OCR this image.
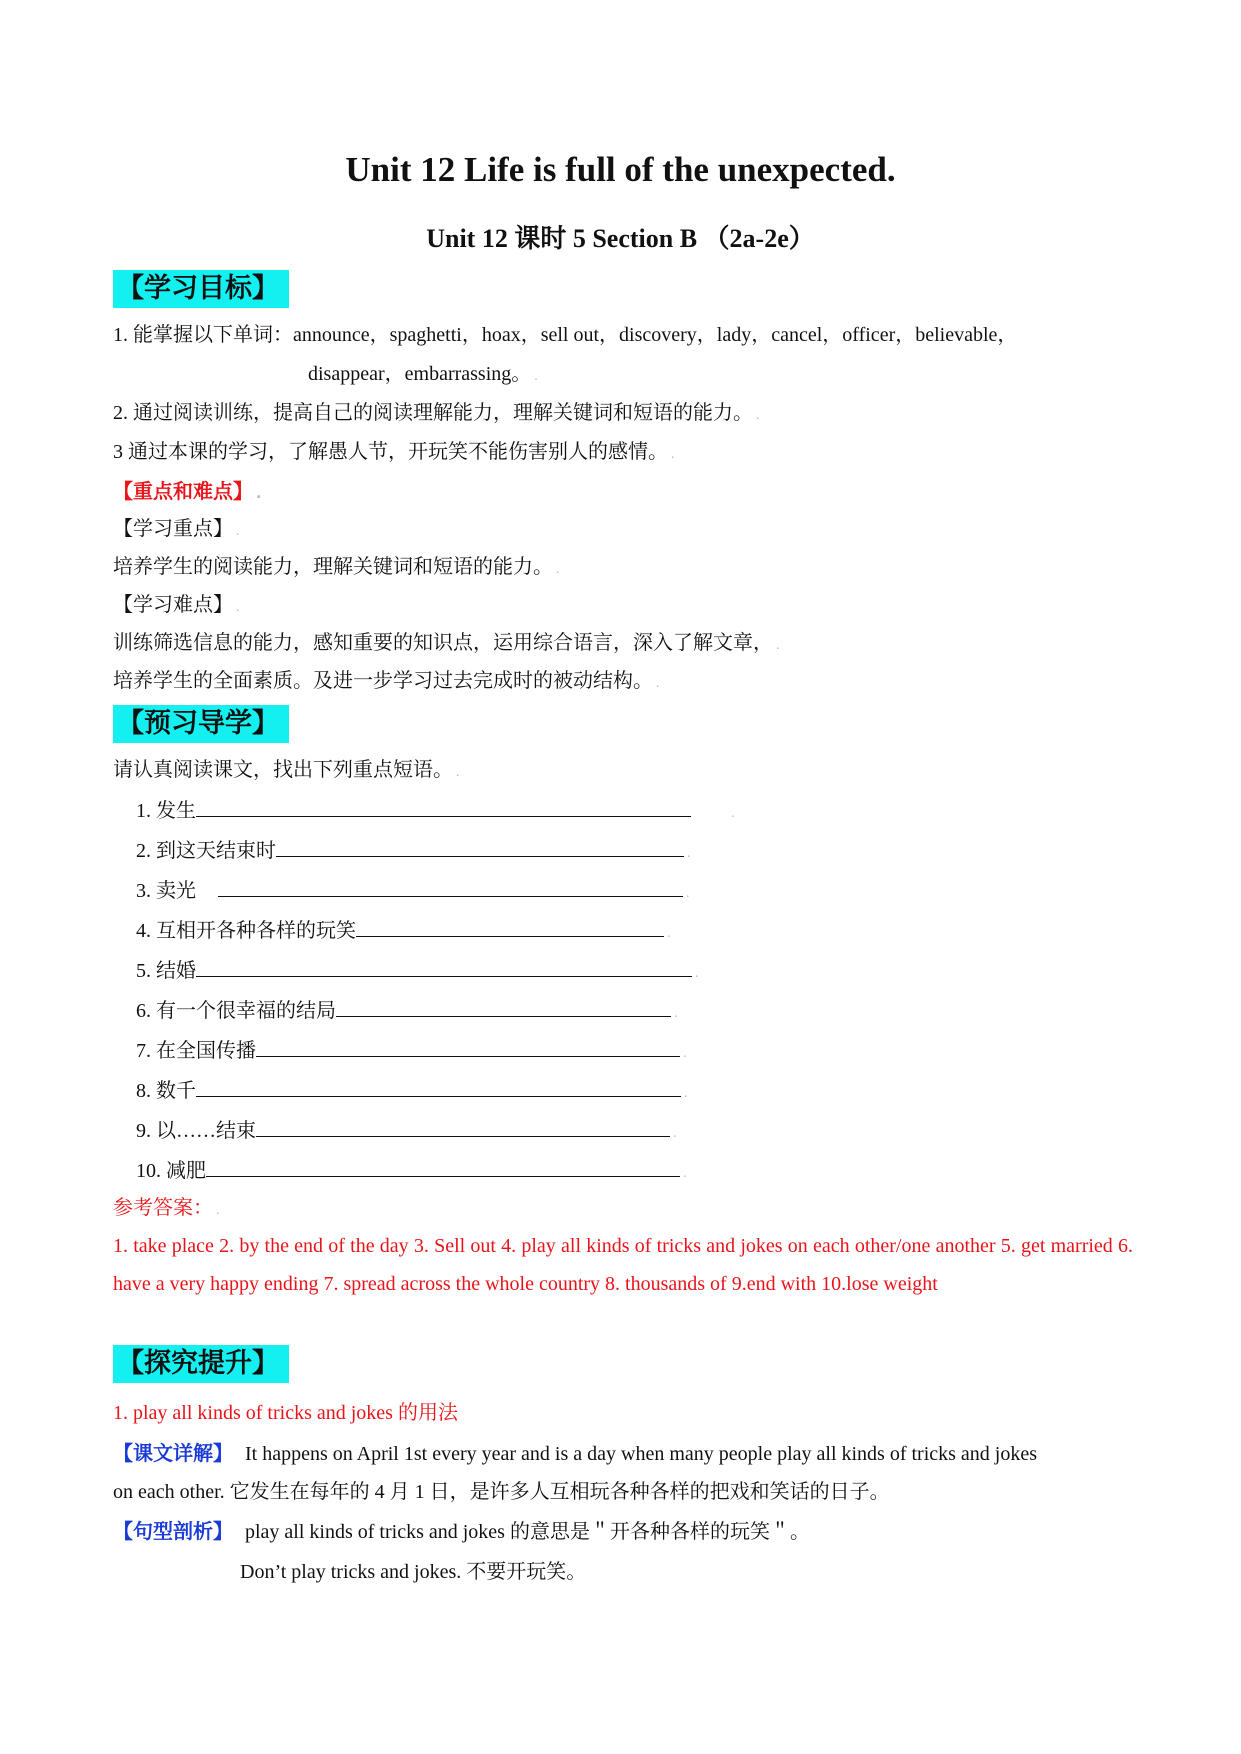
Unit 12 Life is full of the unexpected.
Unit 12 课时 5 Section B （2a-2e）
【学习目标】
1. 能掌握以下单词：announce，spaghetti，hoax，sell out，discovery，lady，cancel，officer，believable，
disappear，embarrassing。 .
2. 通过阅读训练，提高自己的阅读理解能力，理解关键词和短语的能力。 .
3 通过本课的学习，了解愚人节，开玩笑不能伤害别人的感情。 .
【重点和难点】 .
【学习重点】 .
培养学生的阅读能力，理解关键词和短语的能力。 .
【学习难点】 .
训练筛选信息的能力，感知重要的知识点，运用综合语言，深入了解文章， .
培养学生的全面素质。及进一步学习过去完成时的被动结构。 .
【预习导学】
请认真阅读课文，找出下列重点短语。 .
1. 发生	.
2. 到这天结束时	.
3. 卖光	.
4. 互相开各种各样的玩笑	.
5. 结婚	.
6. 有一个很幸福的结局	.
7. 在全国传播	.
8. 数千	.
9. 以……结束	.
10. 减肥	.
参考答案： .
1. take place 2. by the end of the day 3. Sell out 4. play all kinds of tricks and jokes on each other/one another 5. get married 6. have a very happy ending 7. spread across the whole country 8. thousands of 9.end with 10.lose weight
【探究提升】
1. play all kinds of tricks and jokes 的用法
【课文详解】 It happens on April 1st every year and is a day when many people play all kinds of tricks and jokes
on each other. 它发生在每年的 4 月 1 日，是许多人互相玩各种各样的把戏和笑话的日子。
【句型剖析】 play all kinds of tricks and jokes 的意思是＂开各种各样的玩笑＂。
Don’t play tricks and jokes. 不要开玩笑。
